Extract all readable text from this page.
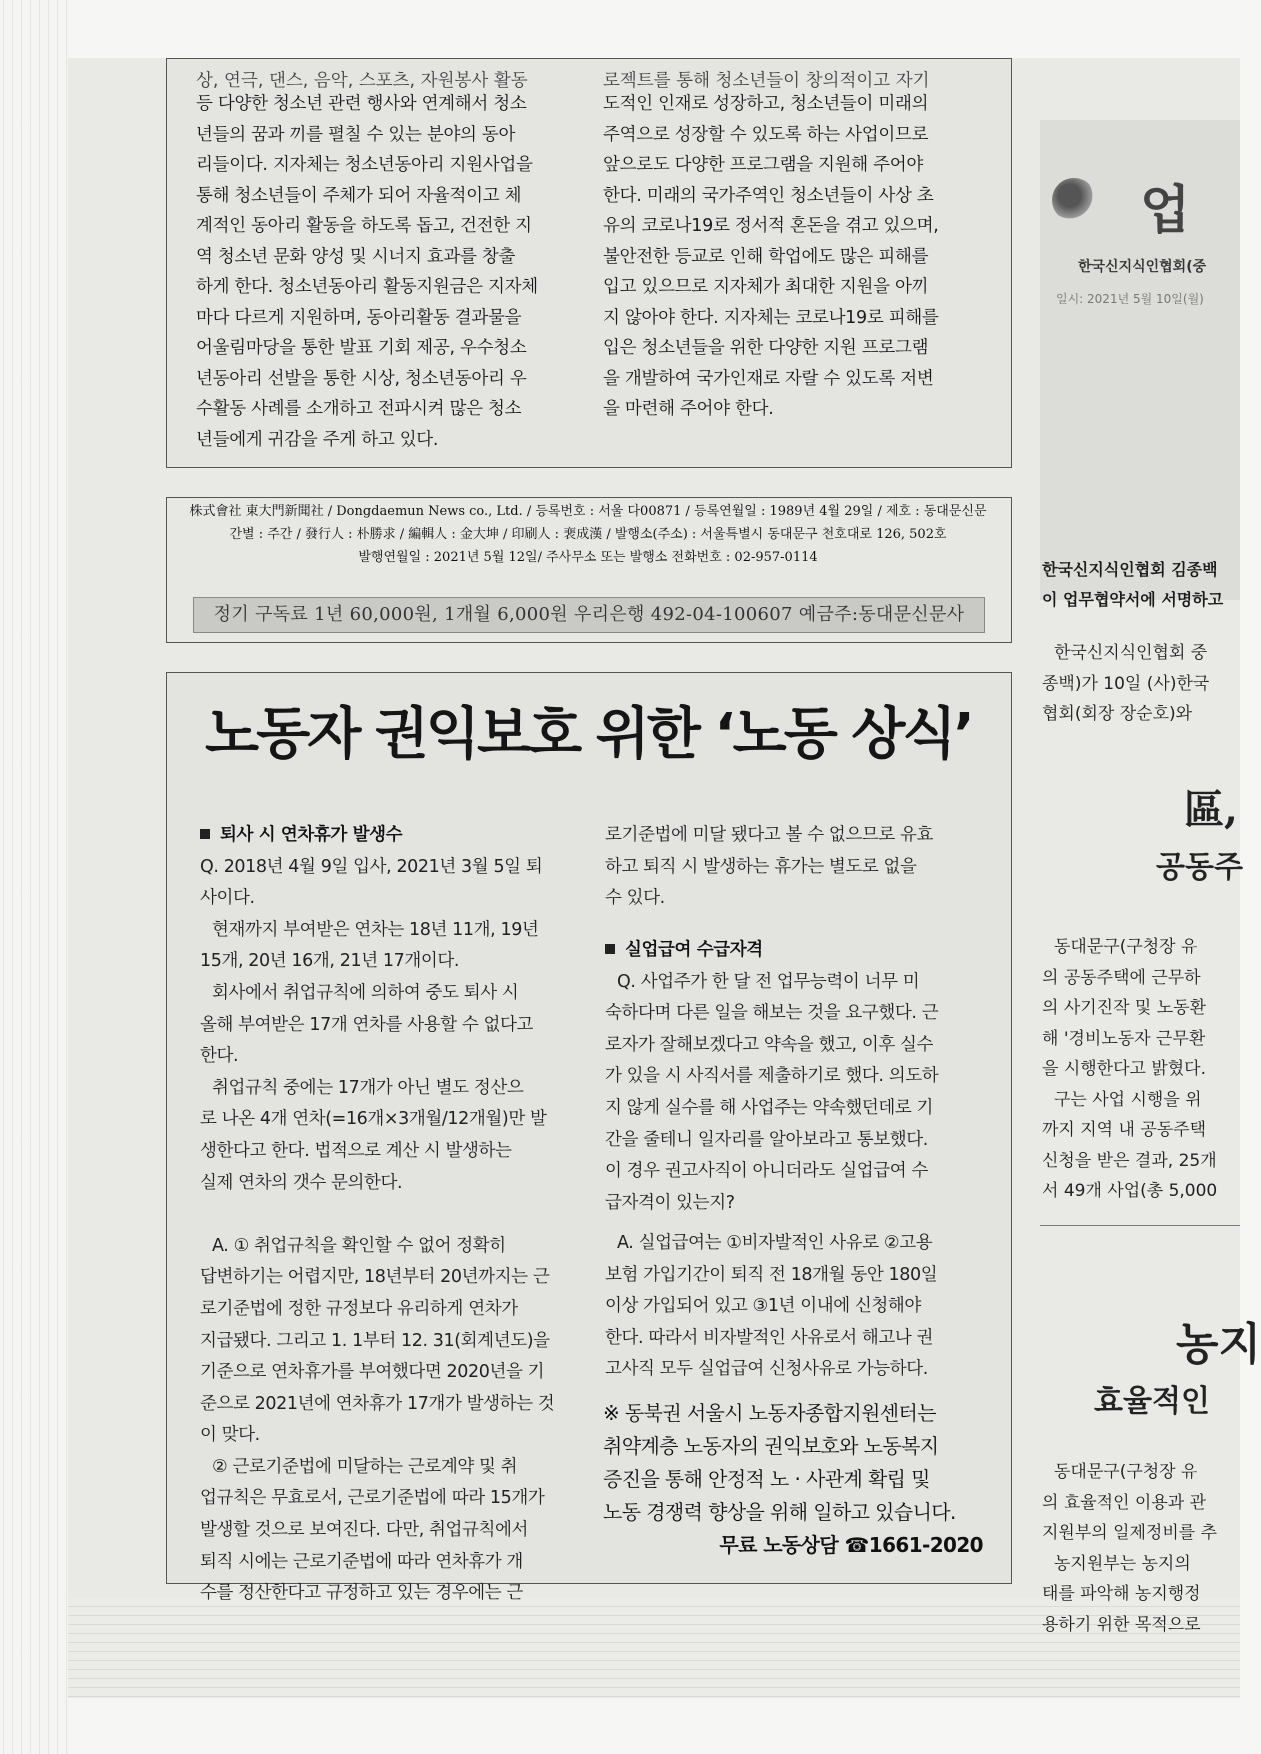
상, 연극, 댄스, 음악, 스포츠, 자원봉사 활동	로젝트를 통해 청소년들이 창의적이고 자기

등 다양한 청소년 관련 행사와 연계해서 청소

년들의 꿈과 끼를 펼칠 수 있는 분야의 동아

리들이다. 지자체는 청소년동아리 지원사업을

통해 청소년들이 주체가 되어 자율적이고 체

계적인 동아리 활동을 하도록 돕고, 건전한 지

역 청소년 문화 양성 및 시너지 효과를 창출

하게 한다. 청소년동아리 활동지원금은 지자체

마다 다르게 지원하며, 동아리활동 결과물을

어울림마당을 통한 발표 기회 제공, 우수청소

년동아리 선발을 통한 시상, 청소년동아리 우

수활동 사례를 소개하고 전파시켜 많은 청소

년들에게 귀감을 주게 하고 있다.

도적인 인재로 성장하고, 청소년들이 미래의

주역으로 성장할 수 있도록 하는 사업이므로

앞으로도 다양한 프로그램을 지원해 주어야

한다. 미래의 국가주역인 청소년들이 사상 초

유의 코로나19로 정서적 혼돈을 겪고 있으며,

불안전한 등교로 인해 학업에도 많은 피해를

입고 있으므로 지자체가 최대한 지원을 아끼

지 않아야 한다. 지자체는 코로나19로 피해를

입은 청소년들을 위한 다양한 지원 프로그램

을 개발하여 국가인재로 자랄 수 있도록 저변

을 마련해 주어야 한다.

株式會社 東大門新聞社 / Dongdaemun News co., Ltd. / 등록번호 : 서울 다00871 / 등록연월일 : 1989년 4월 29일 / 제호 : 동대문신문
간별 : 주간 / 發行人 : 朴勝求 / 編輯人 : 金大坤 / 印刷人 : 裵成漢 / 발행소(주소) : 서울특별시 동대문구 천호대로 126, 502호
발행연월일 : 2021년 5월 12일/ 주사무소 또는 발행소 전화번호 : 02-957-0114
정기 구독료 1년 60,000원, 1개월 6,000원 우리은행 492-04-100607 예금주:동대문신문사
노동자 권익보호 위한 ‘노동 상식’

퇴사 시 연차휴가 발생수

Q. 2018년 4월 9일 입사, 2021년 3월 5일 퇴

사이다.

현재까지 부여받은 연차는 18년 11개, 19년

15개, 20년 16개, 21년 17개이다.

회사에서 취업규칙에 의하여 중도 퇴사 시

올해 부여받은 17개 연차를 사용할 수 없다고

한다.

취업규칙 중에는 17개가 아닌 별도 정산으

로 나온 4개 연차(=16개×3개월/12개월)만 발

생한다고 한다. 법적으로 계산 시 발생하는

실제 연차의 갯수 문의한다.

A. ① 취업규칙을 확인할 수 없어 정확히

답변하기는 어렵지만, 18년부터 20년까지는 근

로기준법에 정한 규정보다 유리하게 연차가

지급됐다. 그리고 1. 1부터 12. 31(회계년도)을

기준으로 연차휴가를 부여했다면 2020년을 기

준으로 2021년에 연차휴가 17개가 발생하는 것

이 맞다.

② 근로기준법에 미달하는 근로계약 및 취

업규칙은 무효로서, 근로기준법에 따라 15개가

발생할 것으로 보여진다. 다만, 취업규칙에서

퇴직 시에는 근로기준법에 따라 연차휴가 개

수를 정산한다고 규정하고 있는 경우에는 근

로기준법에 미달 됐다고 볼 수 없으므로 유효

하고 퇴직 시 발생하는 휴가는 별도로 없을

수 있다.

실업급여 수급자격

Q. 사업주가 한 달 전 업무능력이 너무 미

숙하다며 다른 일을 해보는 것을 요구했다. 근

로자가 잘해보겠다고 약속을 했고, 이후 실수

가 있을 시 사직서를 제출하기로 했다. 의도하

지 않게 실수를 해 사업주는 약속했던데로 기

간을 줄테니 일자리를 알아보라고 통보했다.

이 경우 권고사직이 아니더라도 실업급여 수

급자격이 있는지?

A. 실업급여는 ①비자발적인 사유로 ②고용

보험 가입기간이 퇴직 전 18개월 동안 180일

이상 가입되어 있고 ③1년 이내에 신청해야

한다. 따라서 비자발적인 사유로서 해고나 권

고사직 모두 실업급여 신청사유로 가능하다.

※ 동북권 서울시 노동자종합지원센터는
취약계층 노동자의 권익보호와 노동복지
증진을 통해 안정적 노 · 사관계 확립 및
노동 경쟁력 향상을 위해 일하고 있습니다.
무료 노동상담 ☎1661-2020
업
한국신지식인협회(중
일시: 2021년 5월 10일(월)
한국신지식인협회 김종백
이 업무협약서에 서명하고
한국신지식인협회 중
종백)가 10일 (사)한국
협회(회장 장순호)와
區,
공동주
동대문구(구청장 유
의 공동주택에 근무하
의 사기진작 및 노동환
해 '경비노동자 근무환
을 시행한다고 밝혔다.
구는 사업 시행을 위
까지 지역 내 공동주택
신청을 받은 결과, 25개
서 49개 사업(총 5,000
농지
효율적인
동대문구(구청장 유
의 효율적인 이용과 관
지원부의 일제정비를 추
농지원부는 농지의
태를 파악해 농지행정
용하기 위한 목적으로
